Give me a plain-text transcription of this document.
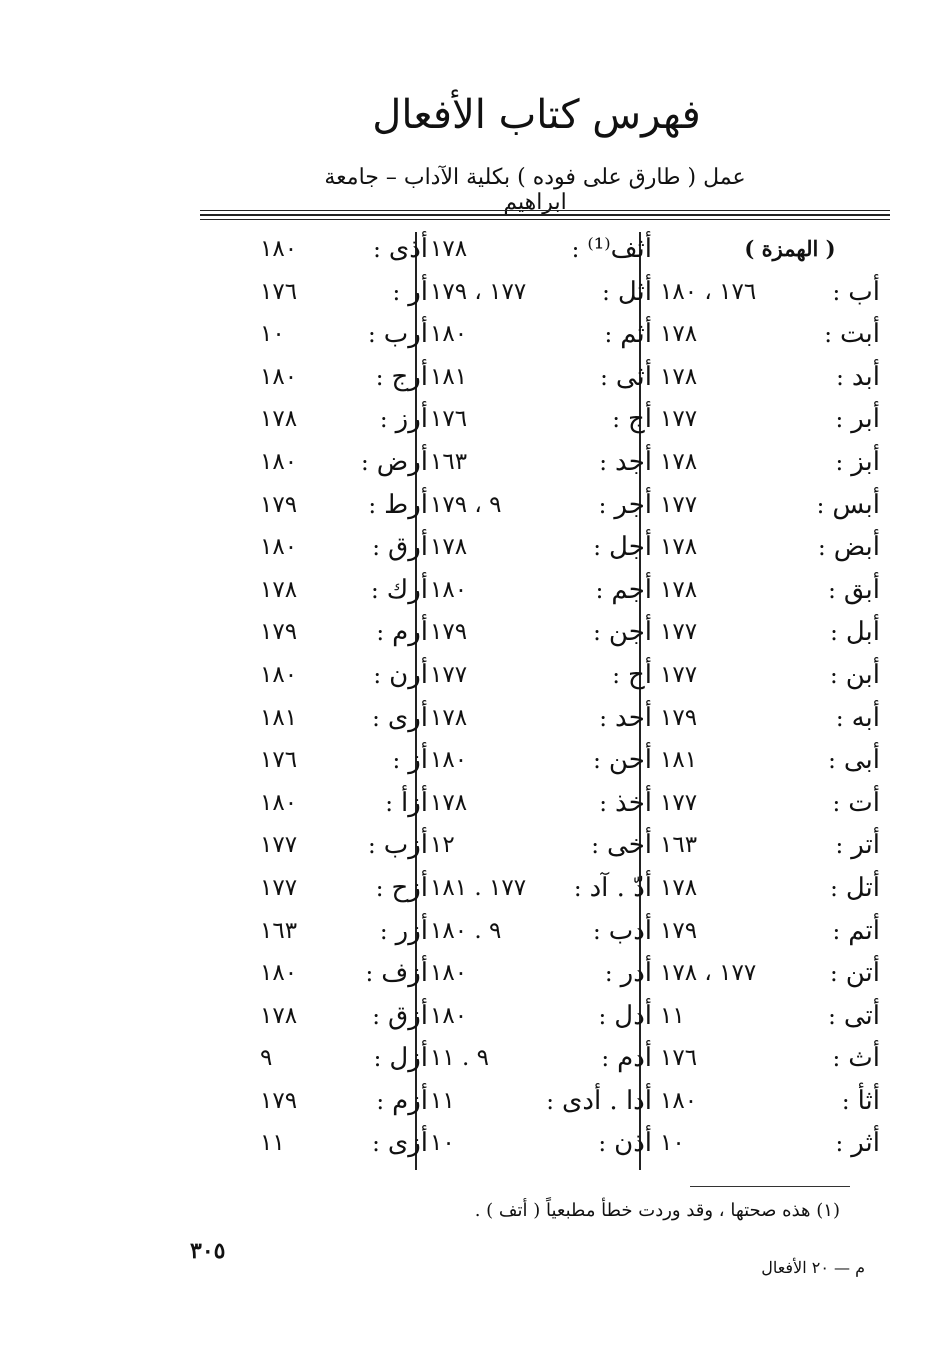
فهرس كتاب الأفعال
عمل ( طارق على فوده ) بكلية الآداب – جامعة ابراهيم
( الهمزة )
أب:
١٧٦ ، ١٨٠
أبت:
١٧٨
أبد:
١٧٨
أبر:
١٧٧
أبز:
١٧٨
أبس:
١٧٧
أبض:
١٧٨
أبق:
١٧٨
أبل:
١٧٧
أبن:
١٧٧
أبه:
١٧٩
أبى:
١٨١
أت:
١٧٧
أتر:
١٦٣
أتل:
١٧٨
أتم:
١٧٩
أتن:
١٧٧ ، ١٧٨
أتى:
١١
أث:
١٧٦
أثأ:
١٨٠
أثر:
١٠
أثف⁽¹⁾:
١٧٨
أثل:
١٧٧ ، ١٧٩
أثم:
١٨٠
أثى:
١٨١
أج:
١٧٦
أجد:
١٦٣
أجر:
٩ ، ١٧٩
أجل:
١٧٨
أجم:
١٨٠
أجن:
١٧٩
أح:
١٧٧
أحد:
١٧٨
أحن:
١٨٠
أخذ:
١٧٨
أخى:
١٢
أدّ . آد:
١٧٧ . ١٨١
أدب:
٩ . ١٨٠
أدر:
١٨٠
أدل:
١٨٠
أدم:
٩ . ١١
أدا . أدى:
١١
أذن:
١٠
أذى:
١٨٠
أر:
١٧٦
أرب:
١٠
أرج:
١٨٠
أرز:
١٧٨
أرض:
١٨٠
أرط:
١٧٩
أرق:
١٨٠
أرك:
١٧٨
أرم:
١٧٩
أرن:
١٨٠
أرى:
١٨١
أز:
١٧٦
أزأ:
١٨٠
أزب:
١٧٧
أزح:
١٧٧
أزر:
١٦٣
أزف:
١٨٠
أزق:
١٧٨
أزل:
٩
أزم:
١٧٩
أزى:
١١
(١) هذه صحتها ، وقد وردت خطأ مطبعياً ( أتف ) .
٣٠٥
م — ٢٠ الأفعال
